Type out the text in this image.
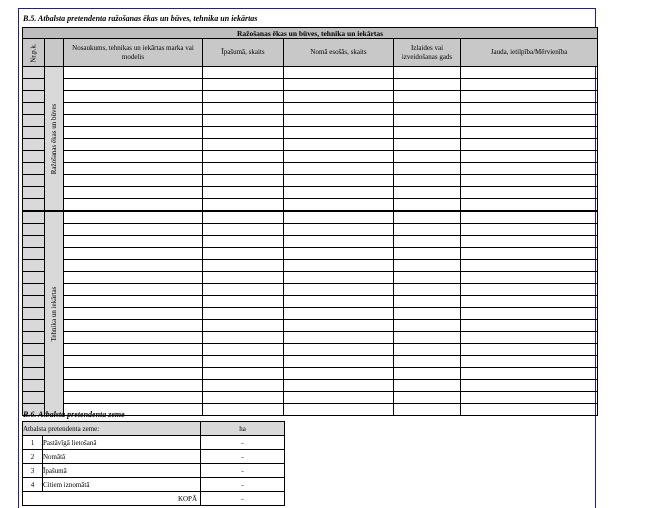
B.5. Atbalsta pretendenta ražošanas ēkas un būves, tehnika un iekārtas
Ražošanas ēkas un būves, tehnika un iekārtas						

Nr.p.k.		Nosaukums, tehnikas un iekārtas marka vai modelis	Īpašumā, skaits	Nomā esošās, skaits	Izlaides vai izveidošanas gads	Jauda, ietilpība/Mērvienība

	Ražošanas ēkas un būves					

	Tehnika un iekārtas					

B.6. Atbalsta pretendenta zeme
Atbalsta pretendenta zeme:		ha
1	Pastāvīgā lietošanā	-
2	Nomātā	-
3	Īpašumā	-
4	Citiem iznomātā	-
KOPĀ		-
